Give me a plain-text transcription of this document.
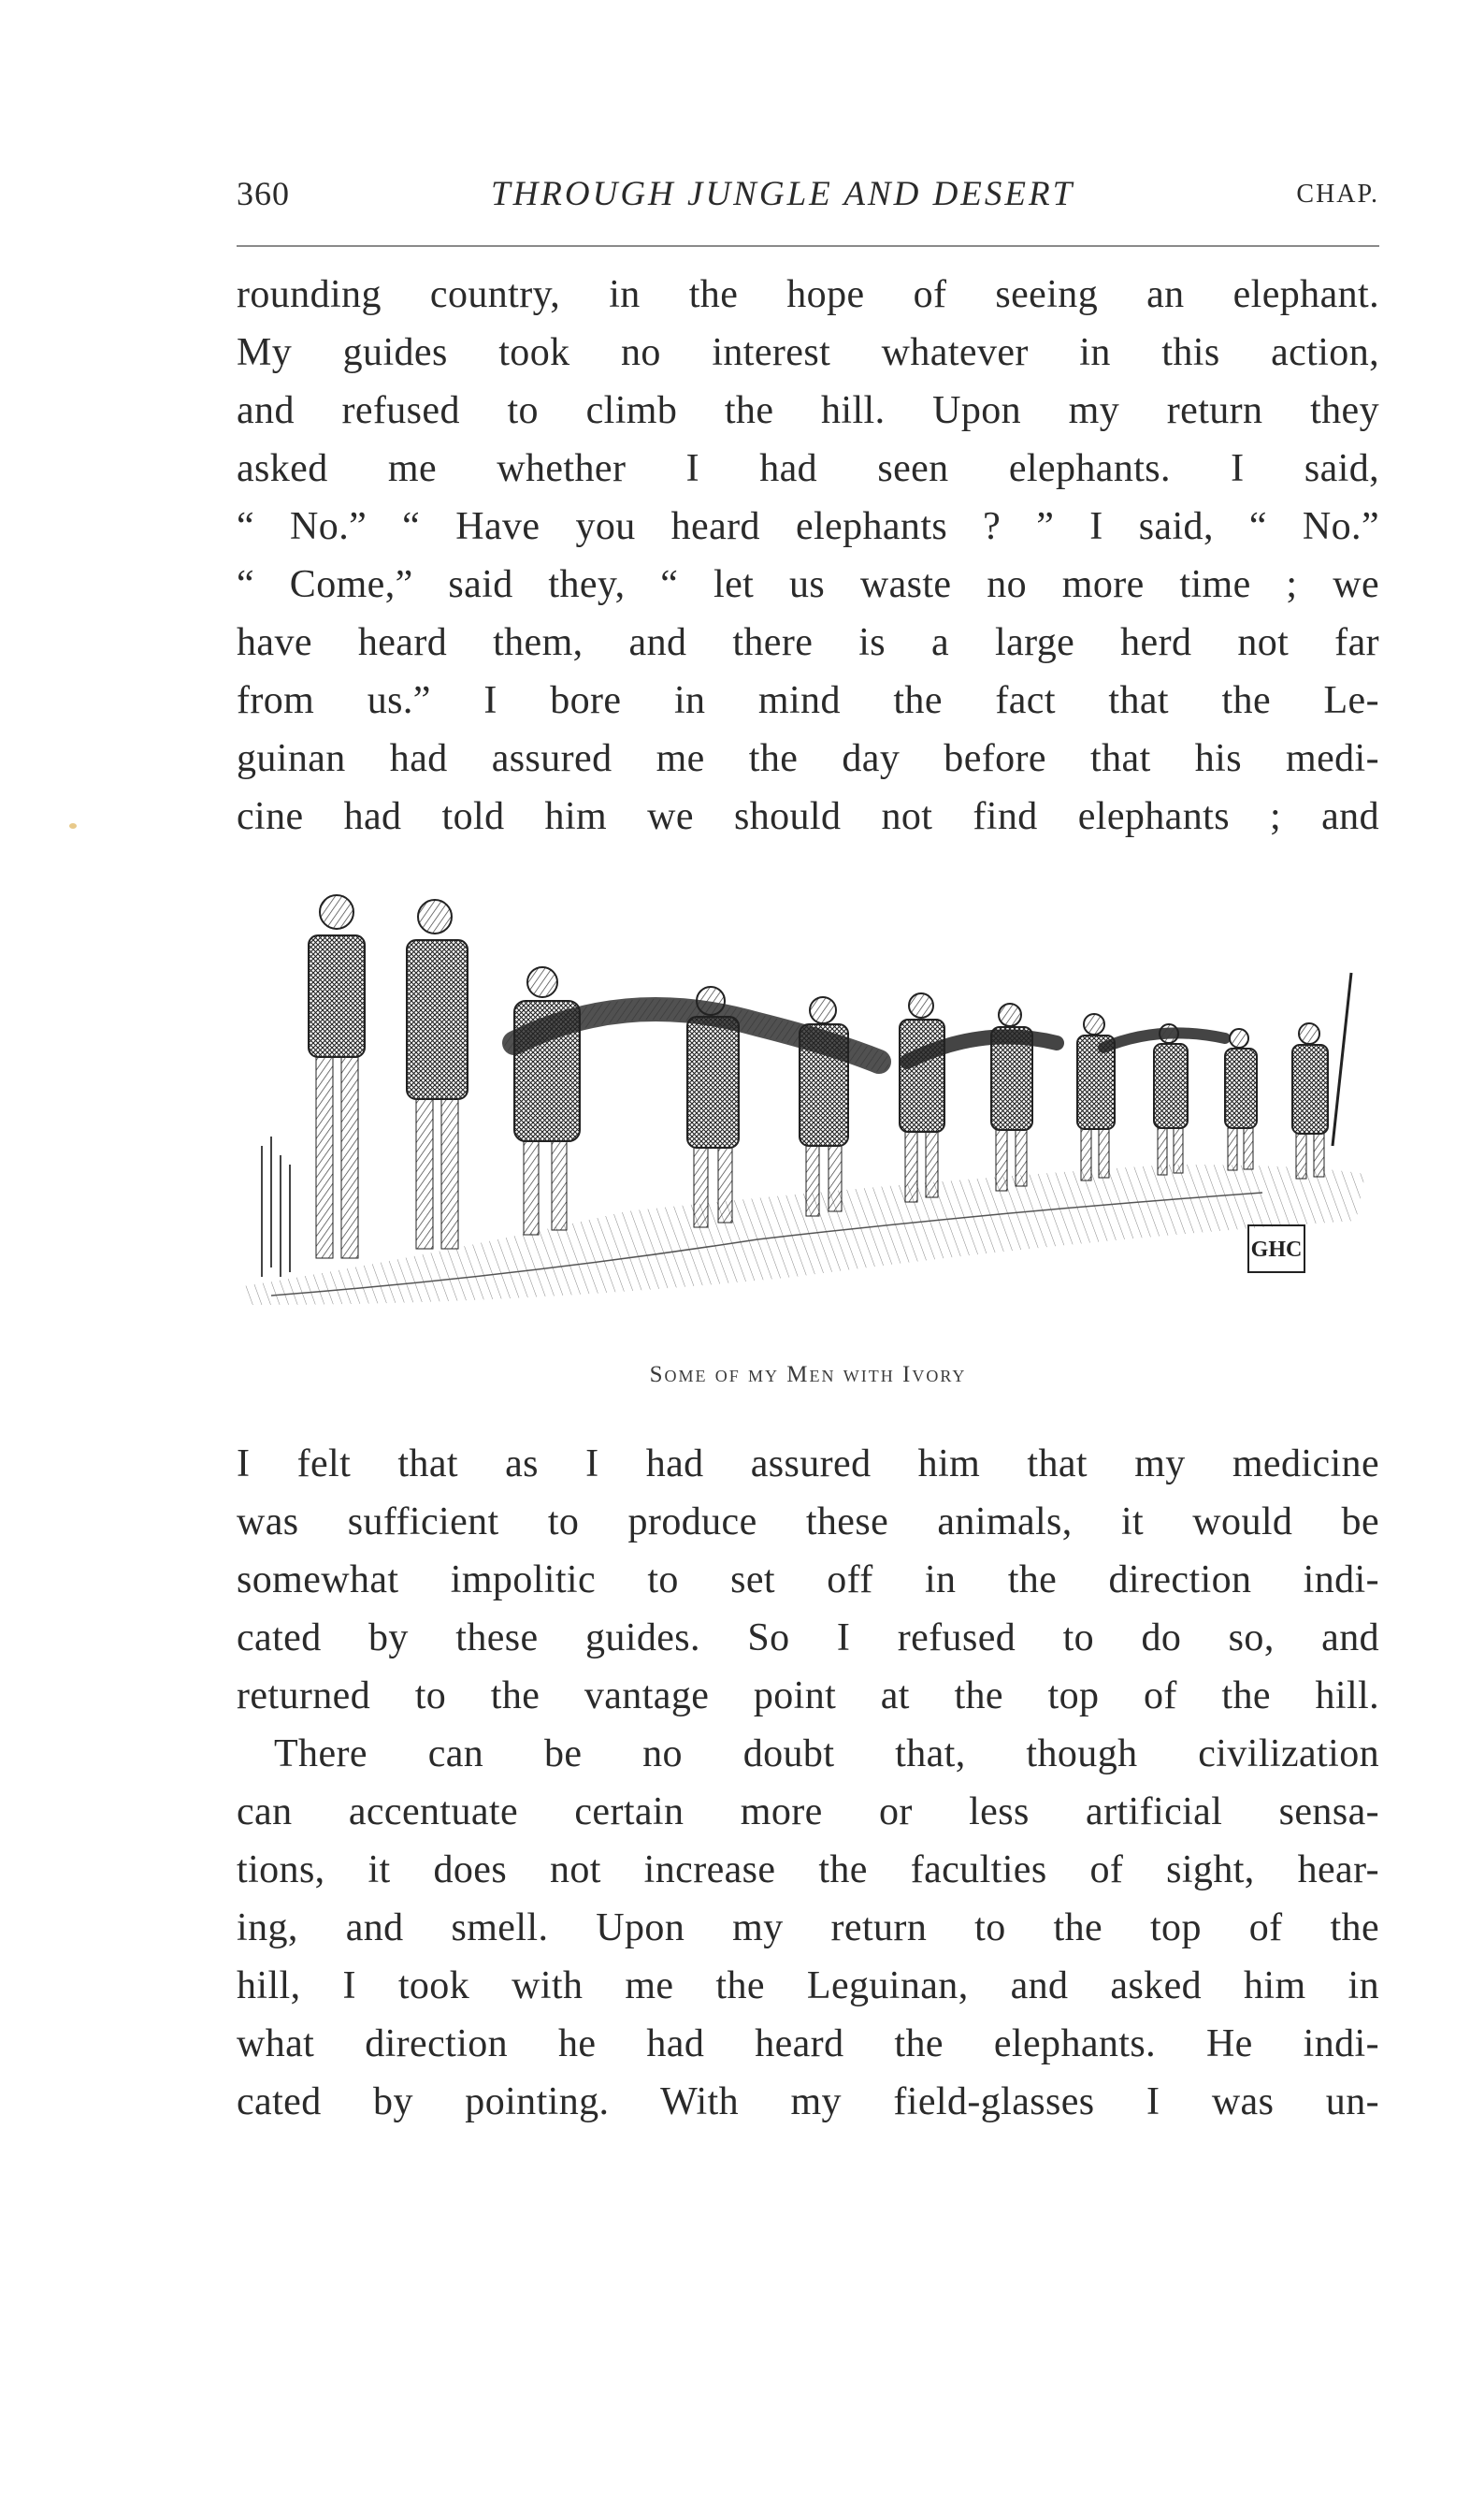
360	THROUGH JUNGLE AND DESERT	CHAP.
rounding country, in the hope of seeing an elephant.
My guides took no interest whatever in this action,
and refused to climb the hill. Upon my return they
asked me whether I had seen elephants. I said,
“ No.” “ Have you heard elephants ? ” I said, “ No.”
“ Come,” said they, “ let us waste no more time ; we
have heard them, and there is a large herd not far
from us.” I bore in mind the fact that the Le-
guinan had assured me the day before that his medi-
cine had told him we should not find elephants ; and
GHC
Some of my Men with Ivory
I felt that as I had assured him that my medicine
was sufficient to produce these animals, it would be
somewhat impolitic to set off in the direction indi-
cated by these guides. So I refused to do so, and
returned to the vantage point at the top of the hill.
There can be no doubt that, though civilization
can accentuate certain more or less artificial sensa-
tions, it does not increase the faculties of sight, hear-
ing, and smell. Upon my return to the top of the
hill, I took with me the Leguinan, and asked him in
what direction he had heard the elephants. He indi-
cated by pointing. With my field-glasses I was un-
